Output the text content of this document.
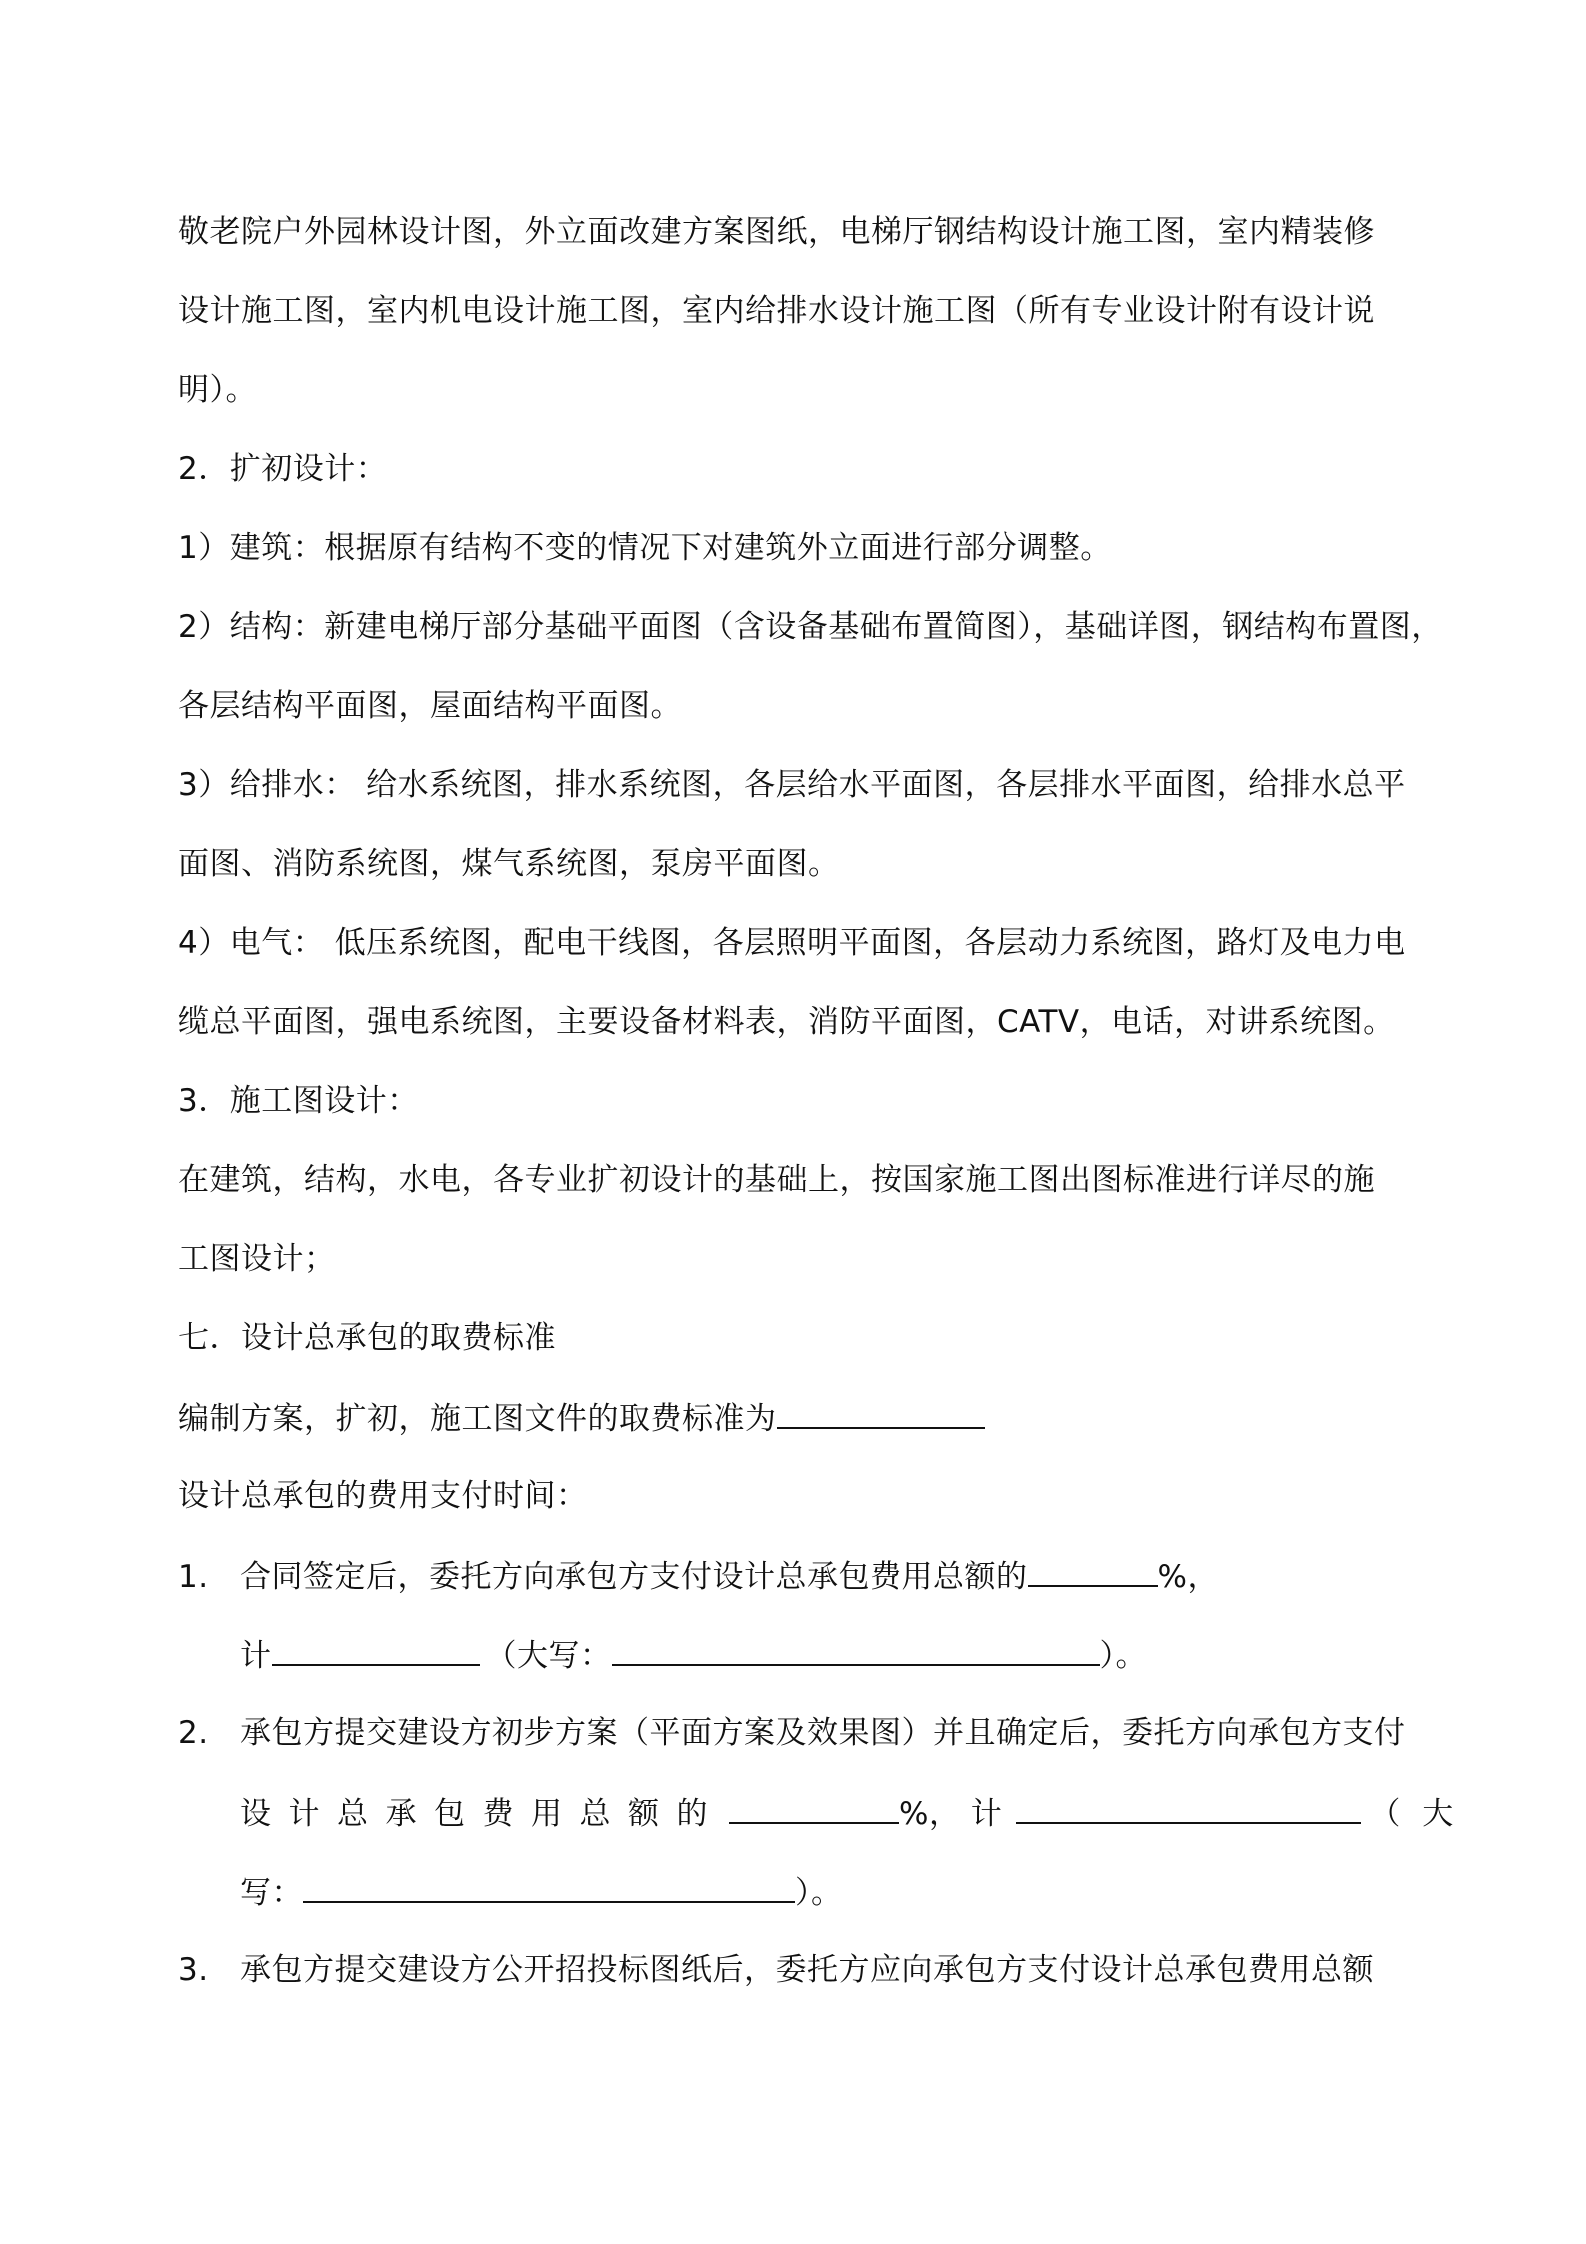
敬老院户外园林设计图，外立面改建方案图纸，电梯厅钢结构设计施工图，室内精装修
设计施工图，室内机电设计施工图，室内给排水设计施工图（所有专业设计附有设计说
明）。
2．扩初设计：
1）建筑：根据原有结构不变的情况下对建筑外立面进行部分调整。
2）结构：新建电梯厅部分基础平面图（含设备基础布置简图），基础详图，钢结构布置图，
各层结构平面图，屋面结构平面图。
3）给排水： 给水系统图，排水系统图，各层给水平面图，各层排水平面图，给排水总平
面图、消防系统图，煤气系统图，泵房平面图。
4）电气： 低压系统图，配电干线图，各层照明平面图，各层动力系统图，路灯及电力电
缆总平面图，强电系统图，主要设备材料表，消防平面图，CATV，电话，对讲系统图。
3．施工图设计：
在建筑，结构，水电，各专业扩初设计的基础上，按国家施工图出图标准进行详尽的施
工图设计；
七．设计总承包的取费标准
编制方案，扩初，施工图文件的取费标准为
设计总承包的费用支付时间：
1. 合同签定后，委托方向承包方支付设计总承包费用总额的	%，
计	（大写：	）。
2. 承包方提交建设方初步方案（平面方案及效果图）并且确定后，委托方向承包方支付
设计总承包费用总额的	%， 计	（大
写：	）。
3. 承包方提交建设方公开招投标图纸后，委托方应向承包方支付设计总承包费用总额
